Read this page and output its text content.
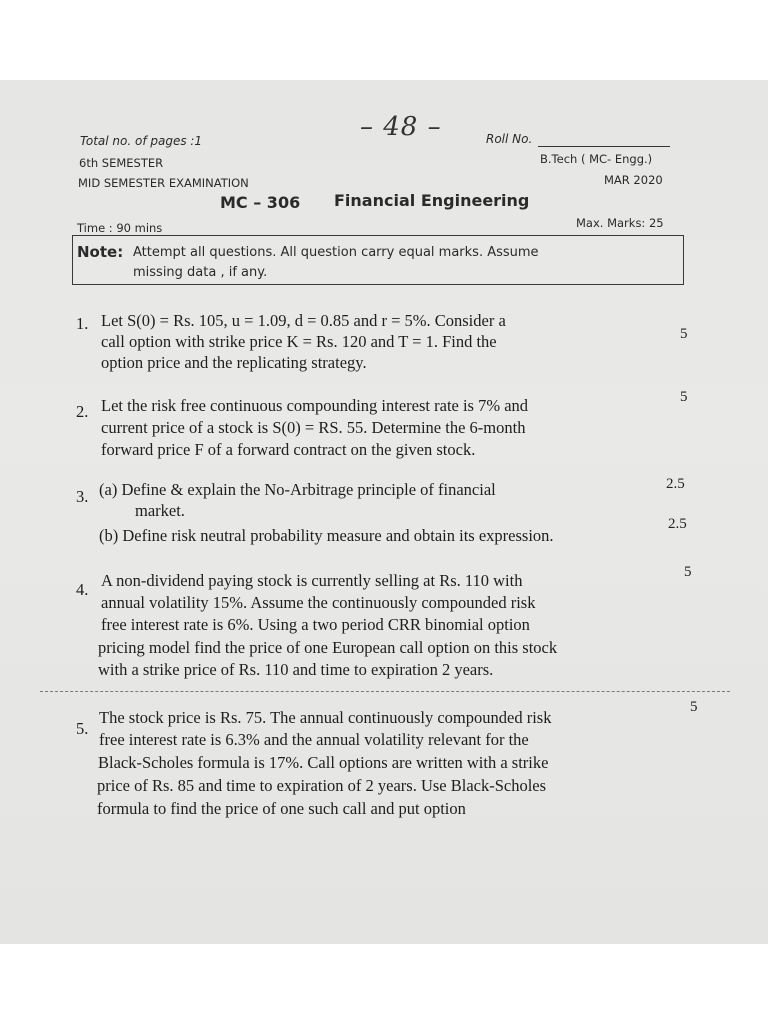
– 48 –
Total no. of pages :1
6th SEMESTER
MID SEMESTER EXAMINATION
Roll No.
B.Tech ( MC- Engg.)
MAR 2020
MC – 306 Financial Engineering
Time : 90 mins	Max. Marks: 25
Note: Attempt all questions. All question carry equal marks. Assume
missing data , if any.
1. Let S(0) = Rs. 105, u = 1.09, d = 0.85 and r = 5%. Consider a
call option with strike price K = Rs. 120 and T = 1. Find the
option price and the replicating strategy.
5
2. Let the risk free continuous compounding interest rate is 7% and
current price of a stock is S(0) = RS. 55. Determine the 6-month
forward price F of a forward contract on the given stock.
5
3. (a) Define & explain the No-Arbitrage principle of financial
market.
2.5
(b) Define risk neutral probability measure and obtain its expression.
2.5
4. A non-dividend paying stock is currently selling at Rs. 110 with
annual volatility 15%. Assume the continuously compounded risk
free interest rate is 6%. Using a two period CRR binomial option
pricing model find the price of one European call option on this stock
with a strike price of Rs. 110 and time to expiration 2 years.
5
5.
The stock price is Rs. 75. The annual continuously compounded risk
free interest rate is 6.3% and the annual volatility relevant for the
Black-Scholes formula is 17%. Call options are written with a strike
price of Rs. 85 and time to expiration of 2 years. Use Black-Scholes
formula to find the price of one such call and put option
5
